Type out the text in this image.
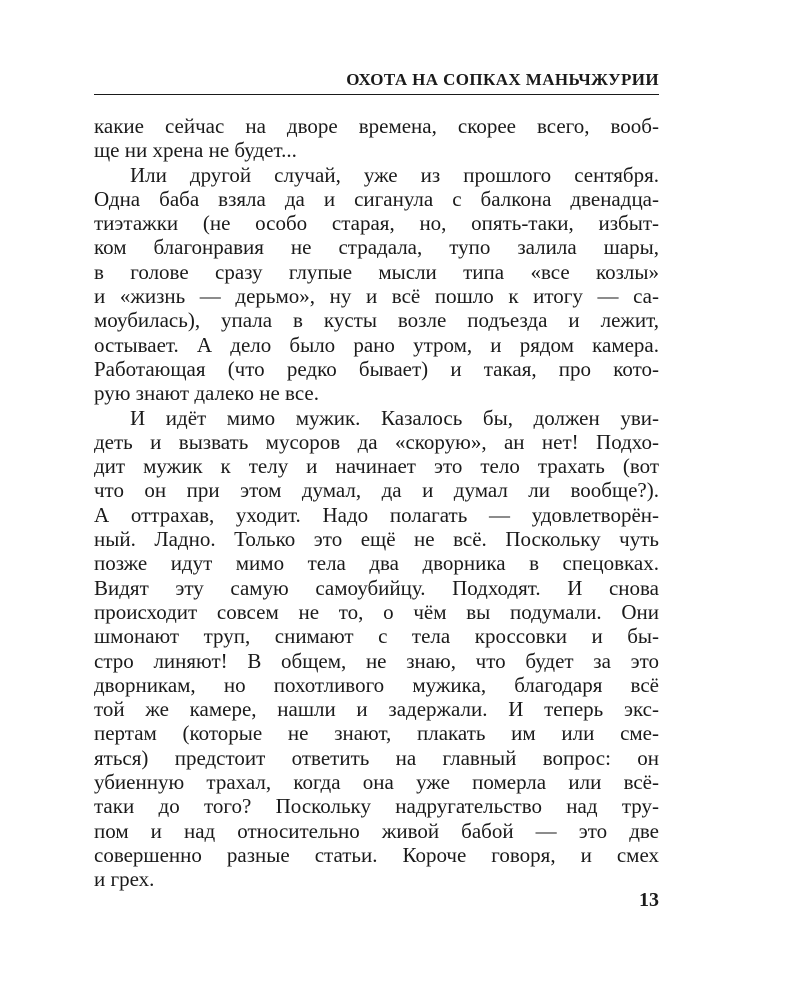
ОХОТА НА СОПКАХ МАНЬЧЖУРИИ
какие сейчас на дворе времена, скорее всего, вооб-
ще ни хрена не будет...
Или другой случай, уже из прошлого сентября.
Одна баба взяла да и сиганула с балкона двенадца-
тиэтажки (не особо старая, но, опять-таки, избыт-
ком благонравия не страдала, тупо залила шары,
в голове сразу глупые мысли типа «все козлы»
и «жизнь — дерьмо», ну и всё пошло к итогу — са-
моубилась), упала в кусты возле подъезда и лежит,
остывает. А дело было рано утром, и рядом камера.
Работающая (что редко бывает) и такая, про кото-
рую знают далеко не все.
И идёт мимо мужик. Казалось бы, должен уви-
деть и вызвать мусоров да «скорую», ан нет! Подхо-
дит мужик к телу и начинает это тело трахать (вот
что он при этом думал, да и думал ли вообще?).
А оттрахав, уходит. Надо полагать — удовлетворён-
ный. Ладно. Только это ещё не всё. Поскольку чуть
позже идут мимо тела два дворника в спецовках.
Видят эту самую самоубийцу. Подходят. И снова
происходит совсем не то, о чём вы подумали. Они
шмонают труп, снимают с тела кроссовки и бы-
стро линяют! В общем, не знаю, что будет за это
дворникам, но похотливого мужика, благодаря всё
той же камере, нашли и задержали. И теперь экс-
пертам (которые не знают, плакать им или сме-
яться) предстоит ответить на главный вопрос: он
убиенную трахал, когда она уже померла или всё-
таки до того? Поскольку надругательство над тру-
пом и над относительно живой бабой — это две
совершенно разные статьи. Короче говоря, и смех
и грех.
13
